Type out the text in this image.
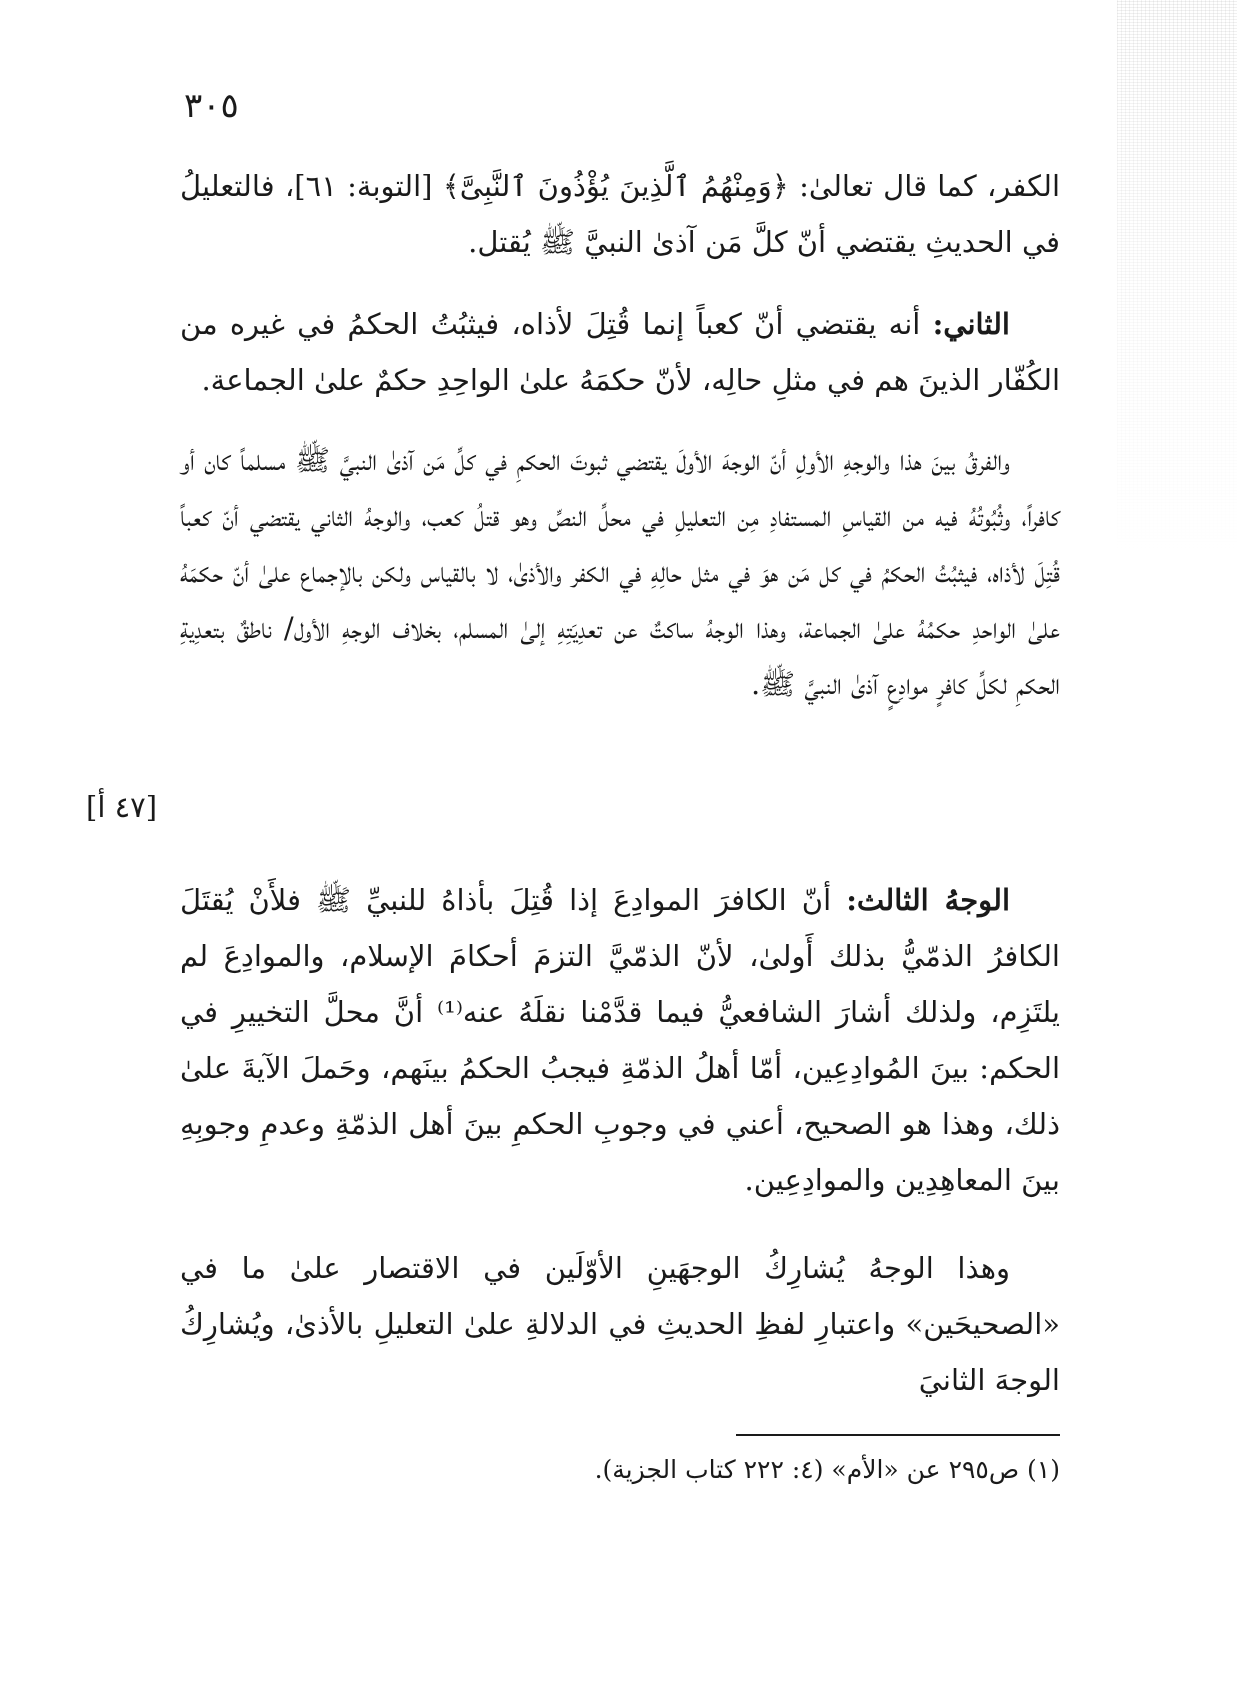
٣٠٥

الكفر، كما قال تعالىٰ: ﴿وَمِنْهُمُ ٱلَّذِينَ يُؤْذُونَ ٱلنَّبِىَّ﴾ [التوبة: ٦١]، فالتعليلُ في الحديثِ يقتضي أنّ كلَّ مَن آذىٰ النبيَّ ﷺ يُقتل.

الثاني: أنه يقتضي أنّ كعباً إنما قُتِلَ لأذاه، فيثبُتُ الحكمُ في غيره من الكُفّار الذينَ هم في مثلِ حالِه، لأنّ حكمَهُ علىٰ الواحِدِ حكمٌ علىٰ الجماعة.

والفرقُ بينَ هذا والوجهِ الأولِ أنّ الوجهَ الأولَ يقتضي ثبوتَ الحكمِ في كلِّ مَن آذىٰ النبيَّ ﷺ مسلماً كان أو كافراً، وثُبُوتُهُ فيه من القياسِ المستفادِ مِن التعليلِ في محلِّ النصِّ وهو قتلُ كعب، والوجهُ الثاني يقتضي أنّ كعباً قُتِلَ لأذاه، فيثبُتُ الحكمُ في كل مَن هوَ في مثل حالِهِ في الكفر والأذىٰ، لا بالقياس ولكن بالإجماع علىٰ أنّ حكمَهُ علىٰ الواحدِ حكمُهُ علىٰ الجماعة، وهذا الوجهُ ساكتٌ عن تعدِيَتِهِ إلىٰ المسلم، بخلاف الوجهِ الأول/ ناطقٌ بتعدِيةِ الحكمِ لكلِّ كافرٍ موادِعٍ آذىٰ النبيَّ ﷺ.

[٤٧ أ]

الوجهُ الثالث: أنّ الكافرَ الموادِعَ إذا قُتِلَ بأذاهُ للنبيِّ ﷺ فلأَنْ يُقتَلَ الكافرُ الذمّيُّ بذلك أَولىٰ، لأنّ الذمّيَّ التزمَ أحكامَ الإسلام، والموادِعَ لم يلتَزِم، ولذلك أشارَ الشافعيُّ فيما قدَّمْنا نقلَهُ عنه⁽¹⁾ أنَّ محلَّ التخييرِ في الحكم: بينَ المُوادِعِين، أمّا أهلُ الذمّةِ فيجبُ الحكمُ بينَهم، وحَملَ الآيةَ علىٰ ذلك، وهذا هو الصحيح، أعني في وجوبِ الحكمِ بينَ أهل الذمّةِ وعدمِ وجوبِهِ بينَ المعاهِدِين والموادِعِين.

وهذا الوجهُ يُشارِكُ الوجهَينِ الأوّلَين في الاقتصار علىٰ ما في «الصحيحَين» واعتبارِ لفظِ الحديثِ في الدلالةِ علىٰ التعليلِ بالأذىٰ، ويُشارِكُ الوجهَ الثانيَ

(١) ص٢٩٥ عن «الأم» (٤: ٢٢٢ كتاب الجزية).
